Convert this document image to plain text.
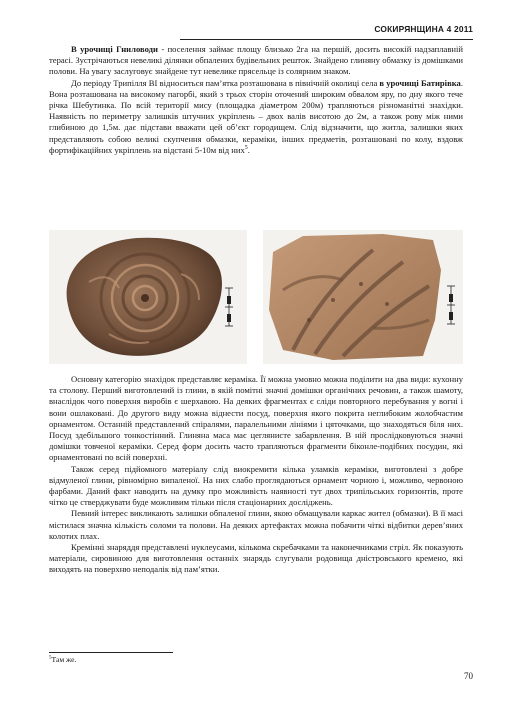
СОКИРЯНЩИНА 4 2011

В урочищі Гниловоди - поселення займає площу близько 2га на першій, досить високій надзаплавній терасі. Зустрічаються невеликі ділянки обпалених будівельних решток. Знайдено глиняну обмазку із домішками полови. На увагу заслуговує знайдене тут невелике прясельце із солярним знаком.

До періоду Трипілля ВІ відноситься пам’ятка розташована в північній околиці села в урочищі Батирівка. Вона розташована на високому пагорбі, який з трьох сторін оточений широким обвалом яру, по дну якого тече річка Шебутинка. По всій території мису (площадка діаметром 200м) трапляються різноманітні знахідки. Наявність по периметру залишків штучних укріплень – двох валів висотою до 2м, а також рову між ними глибиною до 1,5м. дає підстави вважати цей об’єкт городищем. Слід відзначити, що житла, залишки яких представляють собою великі скупчення обмазки, кераміки, інших предметів, розташовані по колу, вздовж фортифікаційних укріплень на відстані 5-10м від них$^5$.

Основну категорію знахідок представляє кераміка. Її можна умовно можна поділити на два види: кухонну та столову. Перший виготовлений із глини, в якій помітні значні домішки органічних речовин, а також шамоту, внаслідок чого поверхня виробів є шерхавою. На деяких фрагментах є сліди повторного перебування у вогні і вони ошлаковані. До другого виду можна віднести посуд, поверхня якого покрита неглибоким жолобчастим орнаментом. Останній представлений спіралями, паралельними лініями і цяточками, що знаходяться біля них. Посуд здебільшого тонкостінний. Глиняна маса має цеглянисте забарвлення. В ній прослідковуються значні домішки товченої кераміки. Серед форм досить часто трапляються фрагменти біконле-подібних посудин, які орнаментовані по всій поверхні.

Також серед підйомного матеріалу слід виокремити кілька уламків кераміки, виготовлені з добре відмуленої глини, рівномірно випаленої. На них слабо проглядаються орнамент чорною і, можливо, червоною фарбами. Даний факт наводить на думку про можливість наявності тут двох трипільських горизонтів, проте чітко це стверджувати буде можливим тільки після стаціонарних досліджень.

Певний інтерес викликають залишки обпаленої глини, якою обмащували каркас жител (обмазки). В її масі містилася значна кількість соломи та полови. На деяких артефактах можна побачити чіткі відбитки дерев’яних колотих плах.

Кремінні знаряддя представлені нуклеусами, кількома скребачками та наконечниками стріл. Як показують матеріали, сировиною для виготовлення останніх знарядь слугували родовища дністровського кремено, які виходять на поверхню неподалік від пам’ятки.

$^5$Там же.
70
